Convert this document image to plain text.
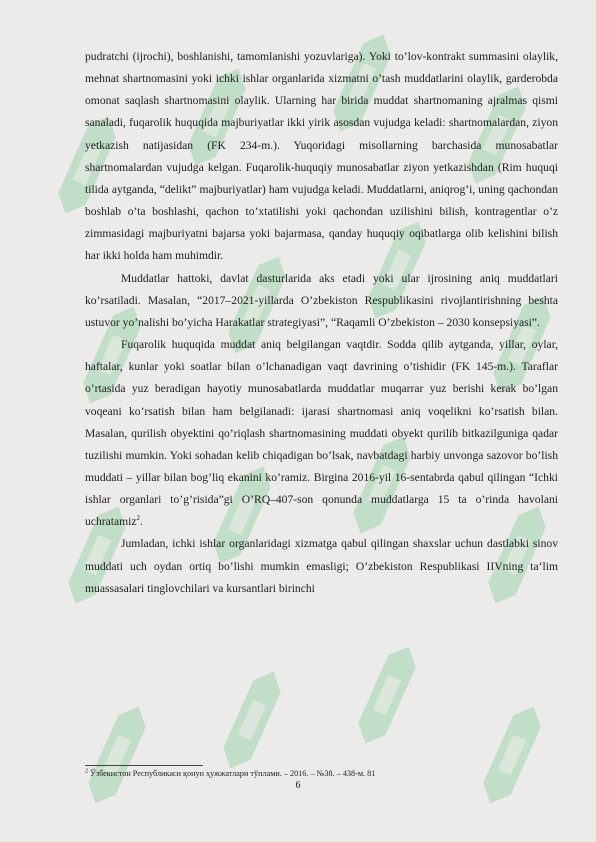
pudratchi (ijrochi), boshlanishi, tamomlanishi yozuvlariga). Yoki to’lov-kontrakt summasini olaylik, mehnat shartnomasini yoki ichki ishlar organlarida xizmatni o’tash muddatlarini olaylik, garderobda omonat saqlash shartnomasini olaylik. Ularning har birida muddat shartnomaning ajralmas qismi sanaladi, fuqarolik huquqida majburiyatlar ikki yirik asosdan vujudga keladi: shartnomalardan, ziyon yetkazish natijasidan (FK 234-m.). Yuqoridagi misollarning barchasida munosabatlar shartnomalardan vujudga kelgan. Fuqarolik-huquqiy munosabatlar ziyon yetkazishdan (Rim huquqi tilida aytganda, “delikt” majburiyatlar) ham vujudga keladi. Muddatlarni, aniqrog’i, uning qachondan boshlab o’ta boshlashi, qachon to’xtatilishi yoki qachondan uzilishini bilish, kontragentlar o’z zimmasidagi majburiyatni bajarsa yoki bajarmasa, qanday huquqiy oqibatlarga olib kelishini bilish har ikki holda ham muhimdir.

Muddatlar hattoki, davlat dasturlarida aks etadi yoki ular ijrosining aniq muddatlari ko’rsatiladi. Masalan, “2017–2021-yillarda O’zbekiston Respublikasini rivojlantirishning beshta ustuvor yo’nalishi bo’yicha Harakatlar strategiyasi”, “Raqamli O’zbekiston – 2030 konsepsiyasi”.

Fuqarolik huquqida muddat aniq belgilangan vaqtdir. Sodda qilib aytganda, yillar, oylar, haftalar, kunlar yoki soatlar bilan o’lchanadigan vaqt davrining o’tishidir (FK 145-m.). Taraflar o’rtasida yuz beradigan hayotiy munosabatlarda muddatlar muqarrar yuz berishi kerak bo’lgan voqeani ko’rsatish bilan ham belgilanadi: ijarasi shartnomasi aniq voqelikni ko’rsatish bilan. Masalan, qurilish obyektini qo’riqlash shartnomasining muddati obyekt qurilib bitkazilguniga qadar tuzilishi mumkin. Yoki sohadan kelib chiqadigan bo’lsak, navbatdagi harbiy unvonga sazovor bo’lish muddati – yillar bilan bog’liq ekanini ko’ramiz. Birgina 2016-yil 16-sentabrda qabul qilingan “Ichki ishlar organlari to’g’risida”gi O’RQ–407-son qonunda muddatlarga 15 ta o’rinda havolani uchratamiz$^2$.

Jumladan, ichki ishlar organlaridagi xizmatga qabul qilingan shaxslar uchun dastlabki sinov muddati uch oydan ortiq bo’lishi mumkin emasligi; O’zbekiston Respublikasi IIVning ta‘lim muassasalari tinglovchilari va kursantlari birinchi

$^2$ Ўзбекистон Республикаси қонун ҳужжатлари тўплами. – 2016. – №38. – 438-м. 81
6
